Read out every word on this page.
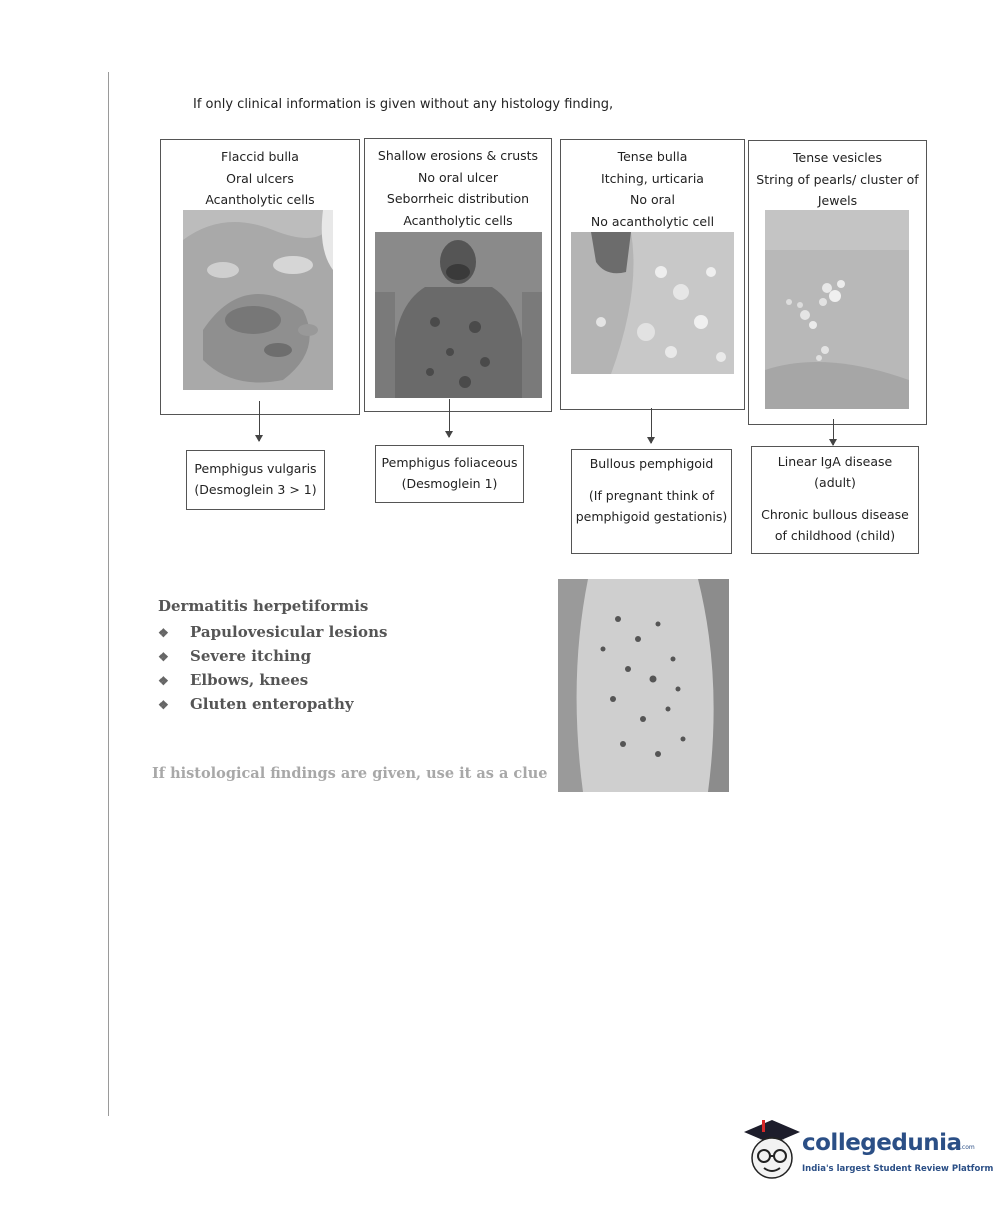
If only clinical information is given without any histology finding,
Flaccid bulla
Oral ulcers
Acantholytic cells
Shallow erosions & crusts
No oral ulcer
Seborrheic distribution
Acantholytic cells
Tense bulla
Itching, urticaria
No oral
No acantholytic cell
Tense vesicles
String of pearls/ cluster of
Jewels
Pemphigus vulgaris
(Desmoglein 3 > 1)
Pemphigus foliaceous
(Desmoglein 1)
Bullous pemphigoid
(If pregnant think of
pemphigoid gestationis)
Linear IgA disease
(adult)
Chronic bullous disease
of childhood (child)
Dermatitis herpetiformis
❖ Papulovesicular lesions
❖ Severe itching
❖ Elbows, knees
❖ Gluten enteropathy
If histological findings are given, use it as a clue
collegedunia
.com
India's largest Student Review Platform
